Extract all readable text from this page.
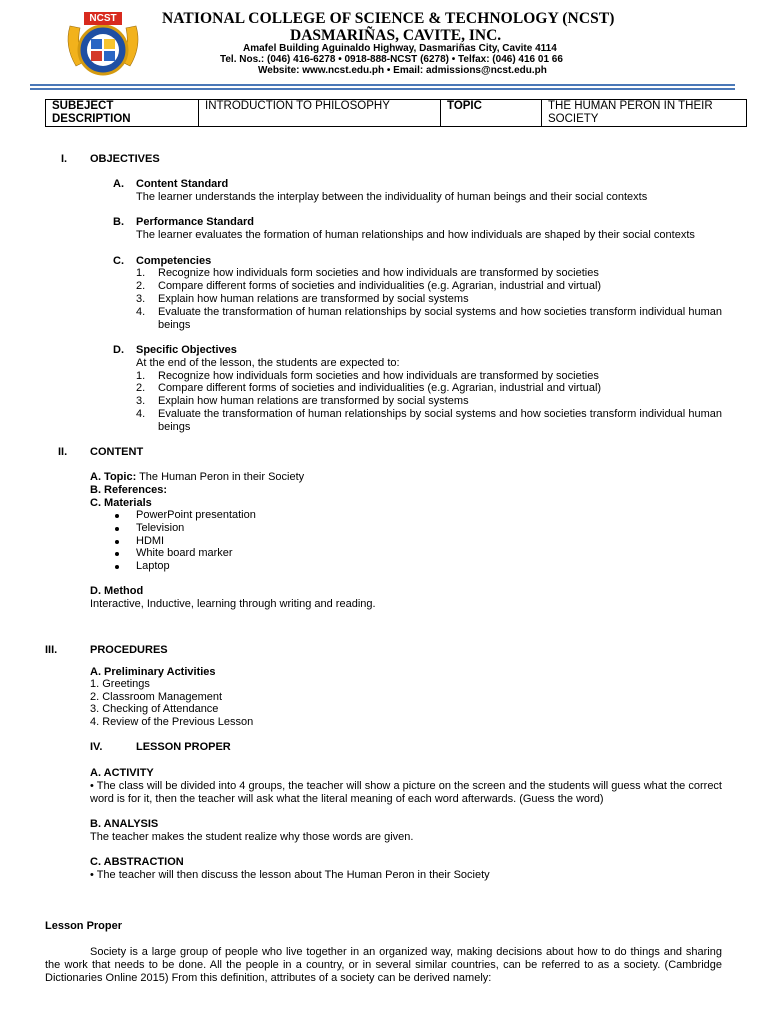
NCST	NATIONAL COLLEGE OF SCIENCE & TECHNOLOGY (NCST)
DASMARIÑAS, CAVITE, INC.
Amafel Building Aguinaldo Highway, Dasmariñas City, Cavite 4114
Tel. Nos.: (046) 416-6278 • 0918-888-NCST (6278) • Telfax: (046) 416 01 66
Website: www.ncst.edu.ph • Email: admissions@ncst.edu.ph
SUBEJECT DESCRIPTION	INTRODUCTION TO PHILOSOPHY	TOPIC	THE HUMAN PERON IN THEIR SOCIETY
I. OBJECTIVES
A. Content Standard
The learner understands the interplay between the individuality of human beings and their social contexts
B. Performance Standard
The learner evaluates the formation of human relationships and how individuals are shaped by their social contexts
C. Competencies
1. Recognize how individuals form societies and how individuals are transformed by societies
2. Compare different forms of societies and individualities (e.g. Agrarian, industrial and virtual)
3. Explain how human relations are transformed by social systems
4. Evaluate the transformation of human relationships by social systems and how societies transform individual human beings
D. Specific Objectives
At the end of the lesson, the students are expected to:
1. Recognize how individuals form societies and how individuals are transformed by societies
2. Compare different forms of societies and individualities (e.g. Agrarian, industrial and virtual)
3. Explain how human relations are transformed by social systems
4. Evaluate the transformation of human relationships by social systems and how societies transform individual human beings
II. CONTENT
A. Topic: The Human Peron in their Society
B. References:
C. Materials
PowerPoint presentation
Television
HDMI
White board marker
Laptop
D. Method
Interactive, Inductive, learning through writing and reading.
III.	PROCEDURES
A. Preliminary Activities
1. Greetings
2. Classroom Management
3. Checking of Attendance
4. Review of the Previous Lesson
IV.	LESSON PROPER
A. ACTIVITY
• The class will be divided into 4 groups, the teacher will show a picture on the screen and the students will guess what the correct word is for it, then the teacher will ask what the literal meaning of each word afterwards. (Guess the word)
B. ANALYSIS
The teacher makes the student realize why those words are given.
C. ABSTRACTION
• The teacher will then discuss the lesson about The Human Peron in their Society
Lesson Proper
Society is a large group of people who live together in an organized way, making decisions about how to do things and sharing the work that needs to be done. All the people in a country, or in several similar countries, can be referred to as a society. (Cambridge Dictionaries Online 2015) From this definition, attributes of a society can be derived namely:
